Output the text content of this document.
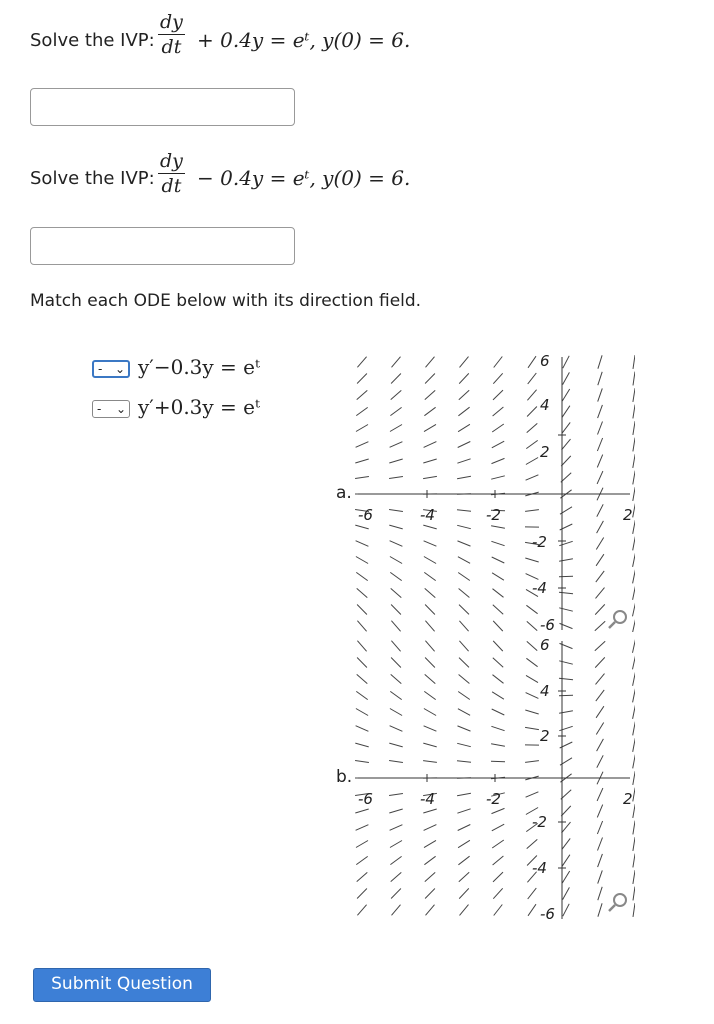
Solve the IVP: $\frac{dy}{dt} + 0.4y$ = eᵗ, y(0) = 6.
Solve the IVP: $\frac{dy}{dt} - 0.4y$ = eᵗ, y(0) = 6.
Match each ODE below with its direction field.
- ⌄ y′−0.3y = eᵗ
- ⌄ y′+0.3y = eᵗ
a.
-6	-4	-2
6
4
2
-2
-4
-6
2
b.
-6	-4	-2
6
4
2
-2
-4
-6
2
Submit Question
